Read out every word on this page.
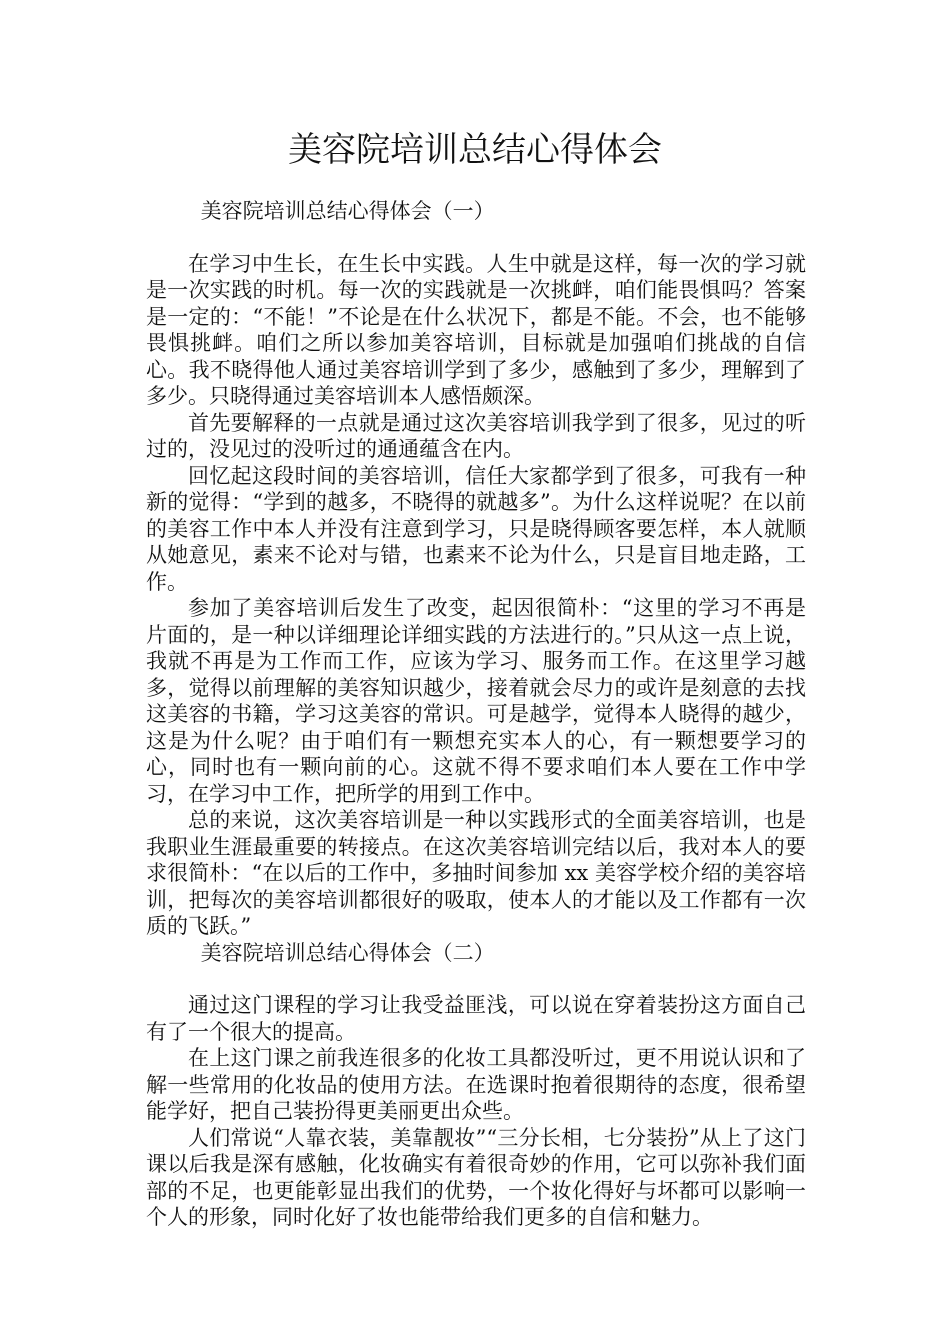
美容院培训总结心得体会
美容院培训总结心得体会（一）

在学习中生长，在生长中实践。人生中就是这样，每一次的学习就是一次实践的时机。每一次的实践就是一次挑衅，咱们能畏惧吗？答案是一定的：“不能！”不论是在什么状况下，都是不能。不会，也不能够畏惧挑衅。咱们之所以参加美容培训，目标就是加强咱们挑战的自信心。我不晓得他人通过美容培训学到了多少，感触到了多少，理解到了多少。只晓得通过美容培训本人感悟颇深。

首先要解释的一点就是通过这次美容培训我学到了很多，见过的听过的，没见过的没听过的通通蕴含在内。

回忆起这段时间的美容培训，信任大家都学到了很多，可我有一种新的觉得：“学到的越多，不晓得的就越多”。为什么这样说呢？在以前的美容工作中本人并没有注意到学习，只是晓得顾客要怎样，本人就顺从她意见，素来不论对与错，也素来不论为什么，只是盲目地走路，工作。

参加了美容培训后发生了改变，起因很简朴：“这里的学习不再是片面的，是一种以详细理论详细实践的方法进行的。”只从这一点上说，我就不再是为工作而工作，应该为学习、服务而工作。在这里学习越多，觉得以前理解的美容知识越少，接着就会尽力的或许是刻意的去找这美容的书籍，学习这美容的常识。可是越学，觉得本人晓得的越少，这是为什么呢？由于咱们有一颗想充实本人的心，有一颗想要学习的心，同时也有一颗向前的心。这就不得不要求咱们本人要在工作中学习，在学习中工作，把所学的用到工作中。

总的来说，这次美容培训是一种以实践形式的全面美容培训，也是我职业生涯最重要的转接点。在这次美容培训完结以后，我对本人的要求很简朴：“在以后的工作中，多抽时间参加 xx 美容学校介绍的美容培训，把每次的美容培训都很好的吸取，使本人的才能以及工作都有一次质的飞跃。”

美容院培训总结心得体会（二）

通过这门课程的学习让我受益匪浅，可以说在穿着装扮这方面自己有了一个很大的提高。

在上这门课之前我连很多的化妆工具都没听过，更不用说认识和了解一些常用的化妆品的使用方法。在选课时抱着很期待的态度，很希望能学好，把自己装扮得更美丽更出众些。

人们常说“人靠衣装，美靠靓妆”“三分长相，七分装扮”从上了这门课以后我是深有感触，化妆确实有着很奇妙的作用，它可以弥补我们面部的不足，也更能彰显出我们的优势，一个妆化得好与坏都可以影响一个人的形象，同时化好了妆也能带给我们更多的自信和魅力。
